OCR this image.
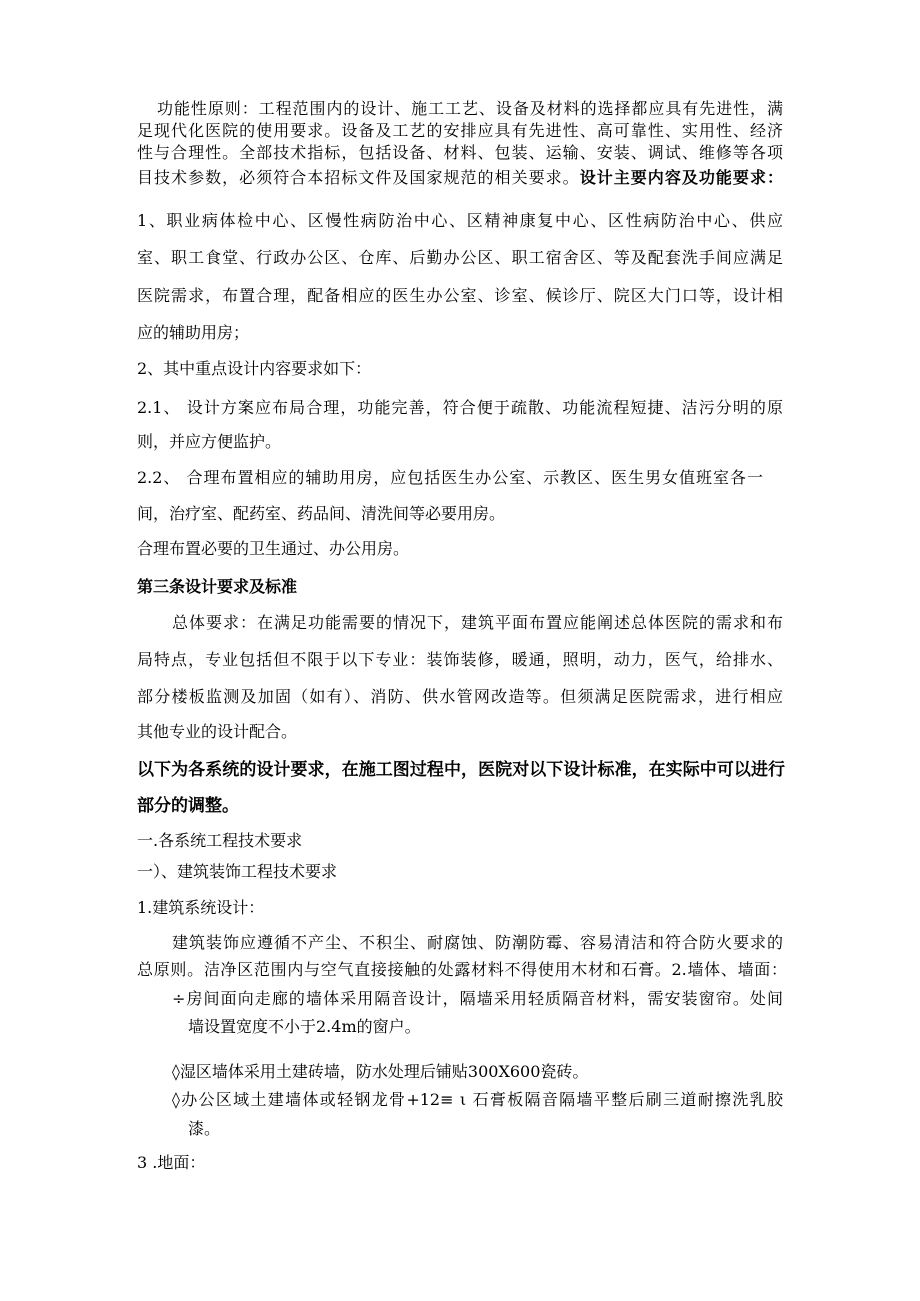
功能性原则：工程范围内的设计、施工工艺、设备及材料的选择都应具有先进性，满
足现代化医院的使用要求。设备及工艺的安排应具有先进性、高可靠性、实用性、经济
性与合理性。全部技术指标，包括设备、材料、包装、运输、安装、调试、维修等各项
目技术参数，必须符合本招标文件及国家规范的相关要求。设计主要内容及功能要求：
1、职业病体检中心、区慢性病防治中心、区精神康复中心、区性病防治中心、供应
室、职工食堂、行政办公区、仓库、后勤办公区、职工宿舍区、等及配套洗手间应满足
医院需求，布置合理，配备相应的医生办公室、诊室、候诊厅、院区大门口等，设计相
应的辅助用房；
2、其中重点设计内容要求如下：
2.1、 设计方案应布局合理，功能完善，符合便于疏散、功能流程短捷、洁污分明的原
则，并应方便监护。
2.2、 合理布置相应的辅助用房，应包括医生办公室、示教区、医生男女值班室各一
间，治疗室、配药室、药品间、清洗间等必要用房。
合理布置必要的卫生通过、办公用房。
第三条设计要求及标准
总体要求：在满足功能需要的情况下，建筑平面布置应能阐述总体医院的需求和布
局特点，专业包括但不限于以下专业：装饰装修，暖通，照明，动力，医气，给排水、
部分楼板监测及加固（如有）、消防、供水管网改造等。但须满足医院需求，进行相应
其他专业的设计配合。
以下为各系统的设计要求，在施工图过程中，医院对以下设计标准，在实际中可以进行
部分的调整。
一.各系统工程技术要求
一）、建筑装饰工程技术要求
1.建筑系统设计：
建筑装饰应遵循不产尘、不积尘、耐腐蚀、防潮防霉、容易清洁和符合防火要求的
总原则。洁净区范围内与空气直接接触的处露材料不得使用木材和石膏。2.墙体、墙面：
÷房间面向走廊的墙体采用隔音设计，隔墙采用轻质隔音材料，需安装窗帘。处间
墙设置宽度不小于2.4m的窗户。
◊湿区墙体采用土建砖墙，防水处理后铺贴300X600瓷砖。
◊办公区域土建墙体或轻钢龙骨+12≡ ι 石膏板隔音隔墙平整后刷三道耐擦洗乳胶
漆。
3 .地面：
